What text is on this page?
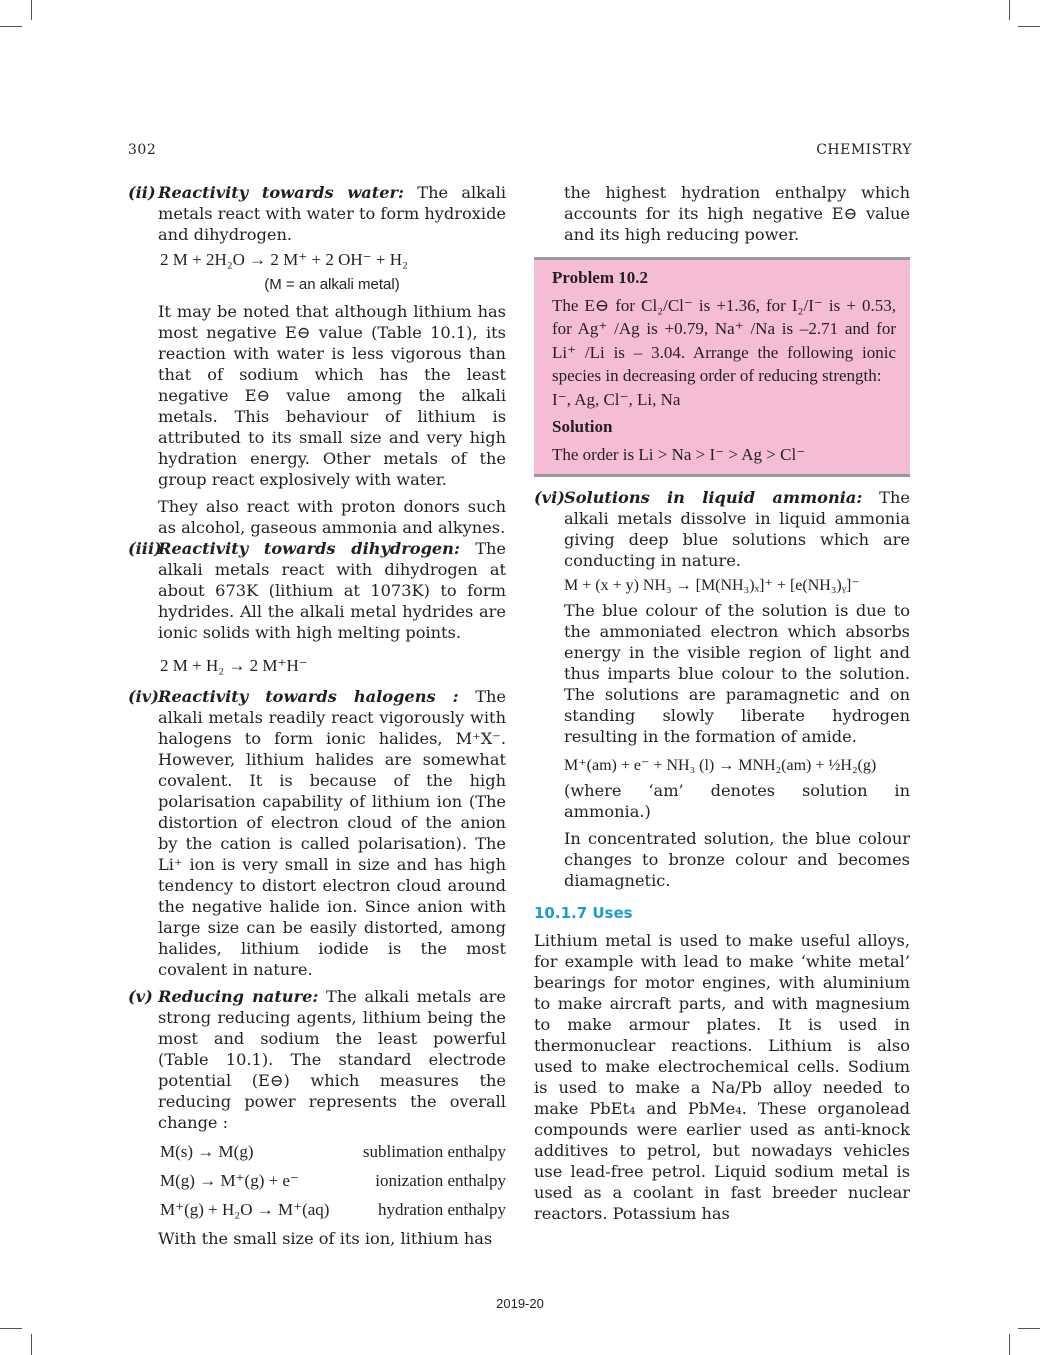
302	CHEMISTRY
(ii) Reactivity towards water: The alkali metals react with water to form hydroxide and dihydrogen.
2 M + 2H₂O → 2 M⁺ + 2 OH⁻ + H₂
(M = an alkali metal)

It may be noted that although lithium has most negative E⊖ value (Table 10.1), its reaction with water is less vigorous than that of sodium which has the least negative E⊖ value among the alkali metals. This behaviour of lithium is attributed to its small size and very high hydration energy. Other metals of the group react explosively with water.

They also react with proton donors such as alcohol, gaseous ammonia and alkynes.

(iii)
Reactivity towards dihydrogen: The alkali metals react with dihydrogen at about 673K (lithium at 1073K) to form hydrides. All the alkali metal hydrides are ionic solids with high melting points.
2 M + H₂ → 2 M⁺H⁻
(iv) Reactivity towards halogens : The alkali metals readily react vigorously with halogens to form ionic halides, M⁺X⁻. However, lithium halides are somewhat covalent. It is because of the high polarisation capability of lithium ion (The distortion of electron cloud of the anion by the cation is called polarisation). The Li⁺ ion is very small in size and has high tendency to distort electron cloud around the negative halide ion. Since anion with large size can be easily distorted, among halides, lithium iodide is the most covalent in nature.
(v) Reducing nature: The alkali metals are strong reducing agents, lithium being the most and sodium the least powerful (Table 10.1). The standard electrode potential (E⊖) which measures the reducing power represents the overall change :
M(s) → M(g)	sublimation enthalpy
M(g) → M⁺(g) + e⁻	ionization enthalpy
M⁺(g) + H₂O → M⁺(aq)	hydration enthalpy

With the small size of its ion, lithium has

the highest hydration enthalpy which accounts for its high negative E⊖ value and its high reducing power.

Problem 10.2

The E⊖ for Cl₂/Cl⁻ is +1.36, for I₂/I⁻ is + 0.53, for Ag⁺ /Ag is +0.79, Na⁺ /Na is –2.71 and for Li⁺ /Li is – 3.04. Arrange the following ionic species in decreasing order of reducing strength:

I⁻, Ag, Cl⁻, Li, Na
Solution
The order is Li > Na > I⁻ > Ag > Cl⁻
(vi) Solutions in liquid ammonia: The alkali metals dissolve in liquid ammonia giving deep blue solutions which are conducting in nature.
M + (x + y) NH₃ → [M(NH₃)ₓ]⁺ + [e(NH₃)ᵧ]⁻

The blue colour of the solution is due to the ammoniated electron which absorbs energy in the visible region of light and thus imparts blue colour to the solution. The solutions are paramagnetic and on standing slowly liberate hydrogen resulting in the formation of amide.

M⁺(am) + e⁻ + NH₃ (l) → MNH₂(am) + ½H₂(g)

(where ‘am’ denotes solution in ammonia.)

In concentrated solution, the blue colour changes to bronze colour and becomes diamagnetic.

10.1.7 Uses

Lithium metal is used to make useful alloys, for example with lead to make ‘white metal’ bearings for motor engines, with aluminium to make aircraft parts, and with magnesium to make armour plates. It is used in thermonuclear reactions. Lithium is also used to make electrochemical cells. Sodium is used to make a Na/Pb alloy needed to make PbEt₄ and PbMe₄. These organolead compounds were earlier used as anti-knock additives to petrol, but nowadays vehicles use lead-free petrol. Liquid sodium metal is used as a coolant in fast breeder nuclear reactors. Potassium has

2019-20
